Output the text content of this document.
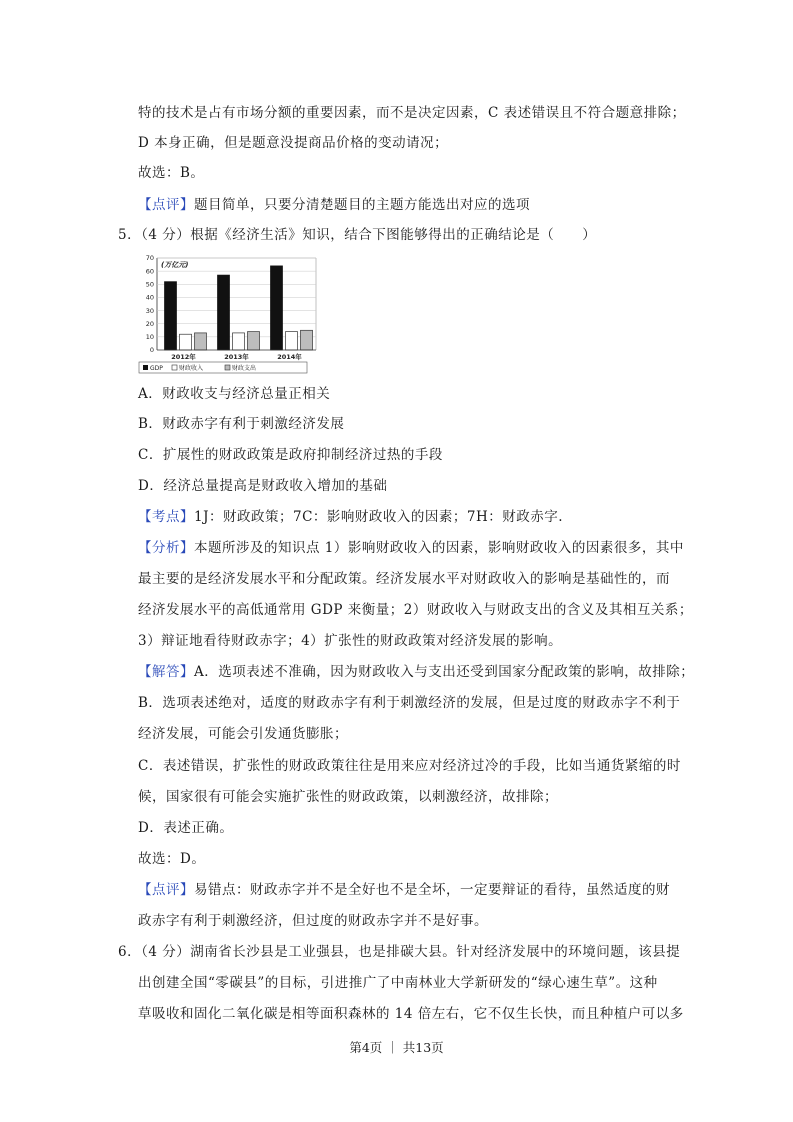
特的技术是占有市场分额的重要因素，而不是决定因素，C 表述错误且不符合题意排除；
D 本身正确，但是题意没提商品价格的变动请况；
故选：B。
【点评】题目简单，只要分清楚题目的主题方能选出对应的选项
5．（4 分）根据《经济生活》知识，结合下图能够得出的正确结论是（　　）
(万亿元)
0
10
20
30
40
50
60
70
2012年	2013年	2014年
GDP	财政收入	财政支出
A．财政收支与经济总量正相关
B．财政赤字有利于刺激经济发展
C．扩展性的财政政策是政府抑制经济过热的手段
D．经济总量提高是财政收入增加的基础
【考点】1J：财政政策；7C：影响财政收入的因素；7H：财政赤字.
【分析】本题所涉及的知识点 1）影响财政收入的因素，影响财政收入的因素很多，其中
最主要的是经济发展水平和分配政策。经济发展水平对财政收入的影响是基础性的，而
经济发展水平的高低通常用 GDP 来衡量；2）财政收入与财政支出的含义及其相互关系；
3）辩证地看待财政赤字；4）扩张性的财政政策对经济发展的影响。
【解答】A．选项表述不准确，因为财政收入与支出还受到国家分配政策的影响，故排除；
B．选项表述绝对，适度的财政赤字有利于刺激经济的发展，但是过度的财政赤字不利于
经济发展，可能会引发通货膨胀；
C．表述错误，扩张性的财政政策往往是用来应对经济过冷的手段，比如当通货紧缩的时
候，国家很有可能会实施扩张性的财政政策，以刺激经济，故排除；
D．表述正确。
故选：D。
【点评】易错点：财政赤字并不是全好也不是全坏，一定要辩证的看待，虽然适度的财
政赤字有利于刺激经济，但过度的财政赤字并不是好事。
6．（4 分）湖南省长沙县是工业强县，也是排碳大县。针对经济发展中的环境问题，该县提
出创建全国“零碳县”的目标，引进推广了中南林业大学新研发的“绿心速生草”。这种
草吸收和固化二氧化碳是相等面积森林的 14 倍左右，它不仅生长快，而且种植户可以多
第4页 ｜ 共13页
